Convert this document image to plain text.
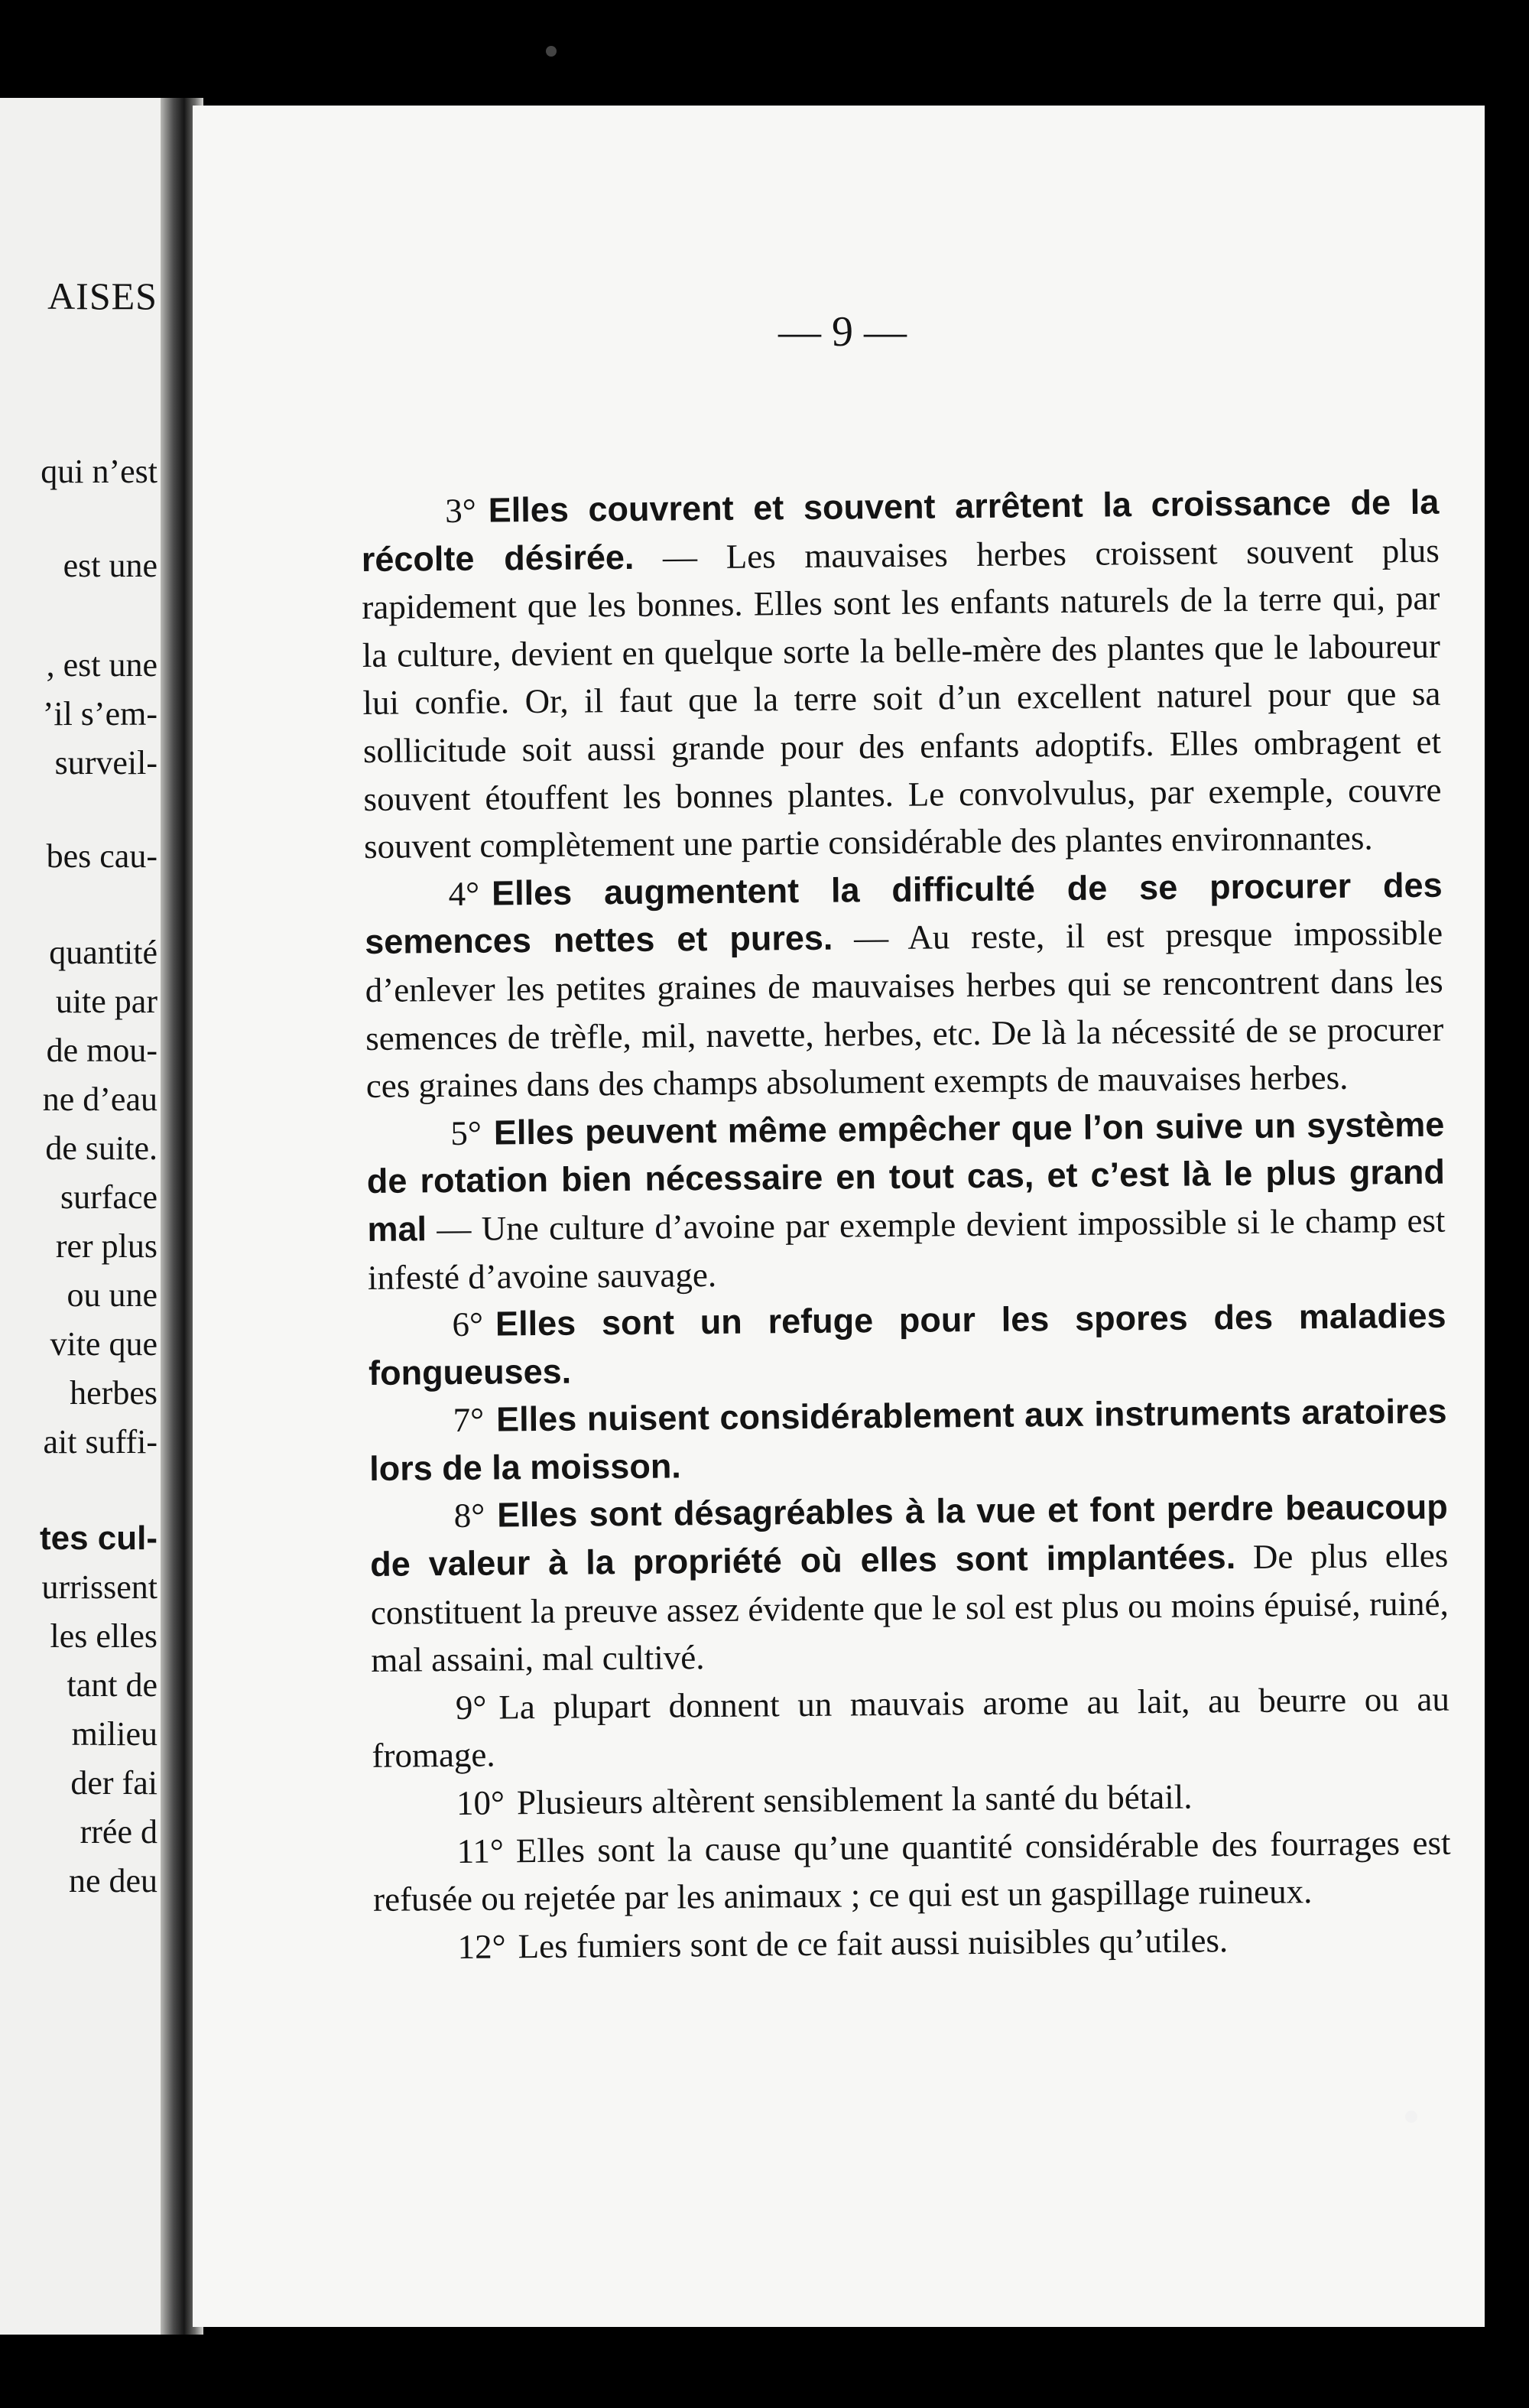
AISES
qui n’est
est une
, est une
’il s’em-
surveil-
bes cau-
quantité
uite par
de mou-
ne d’eau
de suite.
surface
rer plus
ou une
vite que
herbes
ait suffi-
tes cul-
urrissent
les elles
tant de
milieu
der fai
rrée d
ne deu
— 9 —

3° Elles couvrent et souvent arrêtent la croissance de la récolte désirée. — Les mauvaises herbes croissent souvent plus rapidement que les bonnes. Elles sont les enfants naturels de la terre qui, par la culture, devient en quelque sorte la belle-mère des plantes que le laboureur lui confie. Or, il faut que la terre soit d’un excellent naturel pour que sa sollicitude soit aussi grande pour des enfants adoptifs. Elles ombragent et souvent étouffent les bonnes plantes. Le convolvulus, par exemple, couvre souvent complètement une partie considérable des plantes environnantes.

4° Elles augmentent la difficulté de se procurer des semences nettes et pures. — Au reste, il est presque impossible d’enlever les petites graines de mauvaises herbes qui se rencontrent dans les semences de trèfle, mil, navette, herbes, etc. De là la nécessité de se procurer ces graines dans des champs absolument exempts de mauvaises herbes.

5° Elles peuvent même empêcher que l’on suive un système de rotation bien nécessaire en tout cas, et c’est là le plus grand mal — Une culture d’avoine par exemple devient impossible si le champ est infesté d’avoine sauvage.

6° Elles sont un refuge pour les spores des maladies fongueuses.

7° Elles nuisent considérablement aux instruments aratoires lors de la moisson.

8° Elles sont désagréables à la vue et font perdre beaucoup de valeur à la propriété où elles sont implantées. De plus elles constituent la preuve assez évidente que le sol est plus ou moins épuisé, ruiné, mal assaini, mal cultivé.

9° La plupart donnent un mauvais arome au lait, au beurre ou au fromage.

10° Plusieurs altèrent sensiblement la santé du bétail.

11° Elles sont la cause qu’une quantité considérable des fourrages est refusée ou rejetée par les animaux ; ce qui est un gaspillage ruineux.

12° Les fumiers sont de ce fait aussi nuisibles qu’utiles.
